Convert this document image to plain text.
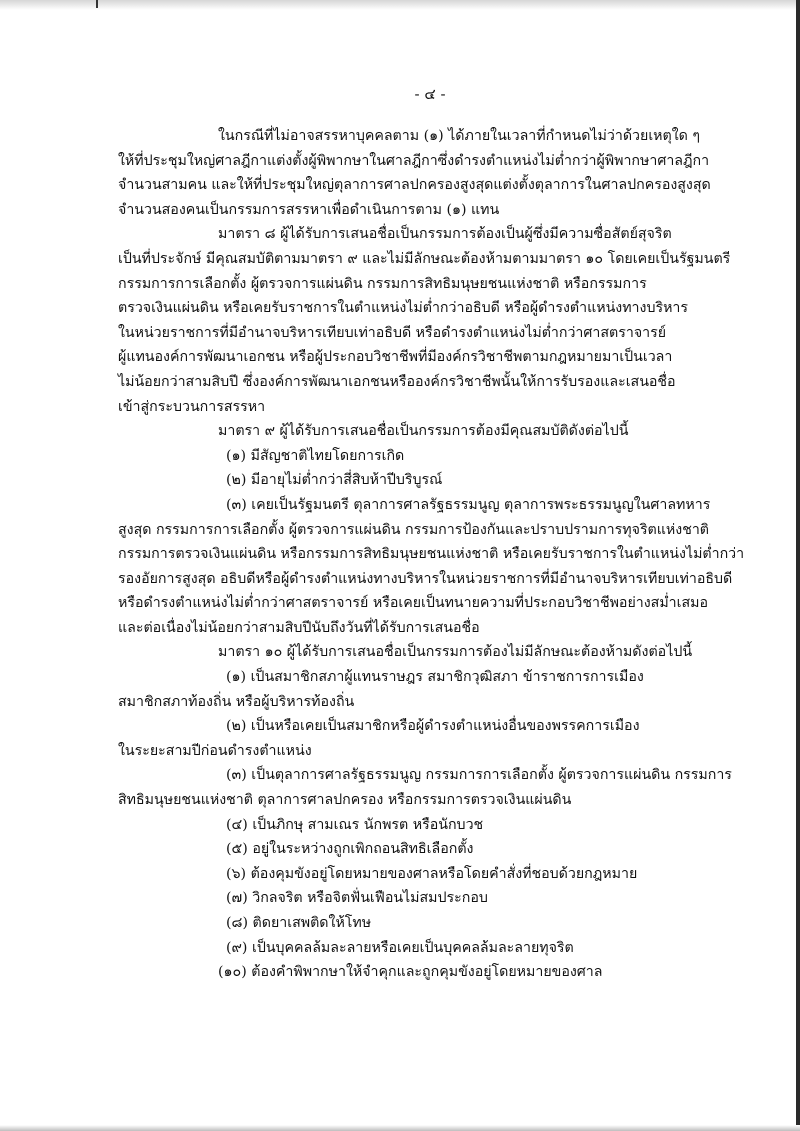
- ๔ -

ในกรณีที่ไม่อาจสรรหาบุคคลตาม (๑) ได้ภายในเวลาที่กำหนดไม่ว่าด้วยเหตุใด ๆ

ให้ที่ประชุมใหญ่ศาลฎีกาแต่งตั้งผู้พิพากษาในศาลฎีกาซึ่งดำรงตำแหน่งไม่ต่ำกว่าผู้พิพากษาศาลฎีกา

จำนวนสามคน และให้ที่ประชุมใหญ่ตุลาการศาลปกครองสูงสุดแต่งตั้งตุลาการในศาลปกครองสูงสุด

จำนวนสองคนเป็นกรรมการสรรหาเพื่อดำเนินการตาม (๑) แทน

มาตรา ๘ ผู้ได้รับการเสนอชื่อเป็นกรรมการต้องเป็นผู้ซึ่งมีความซื่อสัตย์สุจริต

เป็นที่ประจักษ์ มีคุณสมบัติตามมาตรา ๙ และไม่มีลักษณะต้องห้ามตามมาตรา ๑๐ โดยเคยเป็นรัฐมนตรี

กรรมการการเลือกตั้ง ผู้ตรวจการแผ่นดิน กรรมการสิทธิมนุษยชนแห่งชาติ หรือกรรมการ

ตรวจเงินแผ่นดิน หรือเคยรับราชการในตำแหน่งไม่ต่ำกว่าอธิบดี หรือผู้ดำรงตำแหน่งทางบริหาร

ในหน่วยราชการที่มีอำนาจบริหารเทียบเท่าอธิบดี หรือดำรงตำแหน่งไม่ต่ำกว่าศาสตราจารย์

ผู้แทนองค์การพัฒนาเอกชน หรือผู้ประกอบวิชาชีพที่มีองค์กรวิชาชีพตามกฎหมายมาเป็นเวลา

ไม่น้อยกว่าสามสิบปี ซึ่งองค์การพัฒนาเอกชนหรือองค์กรวิชาชีพนั้นให้การรับรองและเสนอชื่อ

เข้าสู่กระบวนการสรรหา

มาตรา ๙ ผู้ได้รับการเสนอชื่อเป็นกรรมการต้องมีคุณสมบัติดังต่อไปนี้

(๑) มีสัญชาติไทยโดยการเกิด

(๒) มีอายุไม่ต่ำกว่าสี่สิบห้าปีบริบูรณ์

(๓) เคยเป็นรัฐมนตรี ตุลาการศาลรัฐธรรมนูญ ตุลาการพระธรรมนูญในศาลทหาร

สูงสุด กรรมการการเลือกตั้ง ผู้ตรวจการแผ่นดิน กรรมการป้องกันและปราบปรามการทุจริตแห่งชาติ

กรรมการตรวจเงินแผ่นดิน หรือกรรมการสิทธิมนุษยชนแห่งชาติ หรือเคยรับราชการในตำแหน่งไม่ต่ำกว่า

รองอัยการสูงสุด อธิบดีหรือผู้ดำรงตำแหน่งทางบริหารในหน่วยราชการที่มีอำนาจบริหารเทียบเท่าอธิบดี

หรือดำรงตำแหน่งไม่ต่ำกว่าศาสตราจารย์ หรือเคยเป็นทนายความที่ประกอบวิชาชีพอย่างสม่ำเสมอ

และต่อเนื่องไม่น้อยกว่าสามสิบปีนับถึงวันที่ได้รับการเสนอชื่อ

มาตรา ๑๐ ผู้ได้รับการเสนอชื่อเป็นกรรมการต้องไม่มีลักษณะต้องห้ามดังต่อไปนี้

(๑) เป็นสมาชิกสภาผู้แทนราษฎร สมาชิกวุฒิสภา ข้าราชการการเมือง

สมาชิกสภาท้องถิ่น หรือผู้บริหารท้องถิ่น

(๒) เป็นหรือเคยเป็นสมาชิกหรือผู้ดำรงตำแหน่งอื่นของพรรคการเมือง

ในระยะสามปีก่อนดำรงตำแหน่ง

(๓) เป็นตุลาการศาลรัฐธรรมนูญ กรรมการการเลือกตั้ง ผู้ตรวจการแผ่นดิน กรรมการ

สิทธิมนุษยชนแห่งชาติ ตุลาการศาลปกครอง หรือกรรมการตรวจเงินแผ่นดิน

(๔) เป็นภิกษุ สามเณร นักพรต หรือนักบวช

(๕) อยู่ในระหว่างถูกเพิกถอนสิทธิเลือกตั้ง

(๖) ต้องคุมขังอยู่โดยหมายของศาลหรือโดยคำสั่งที่ชอบด้วยกฎหมาย

(๗) วิกลจริต หรือจิตฟั่นเฟือนไม่สมประกอบ

(๘) ติดยาเสพติดให้โทษ

(๙) เป็นบุคคลล้มละลายหรือเคยเป็นบุคคลล้มละลายทุจริต

(๑๐) ต้องคำพิพากษาให้จำคุกและถูกคุมขังอยู่โดยหมายของศาล
